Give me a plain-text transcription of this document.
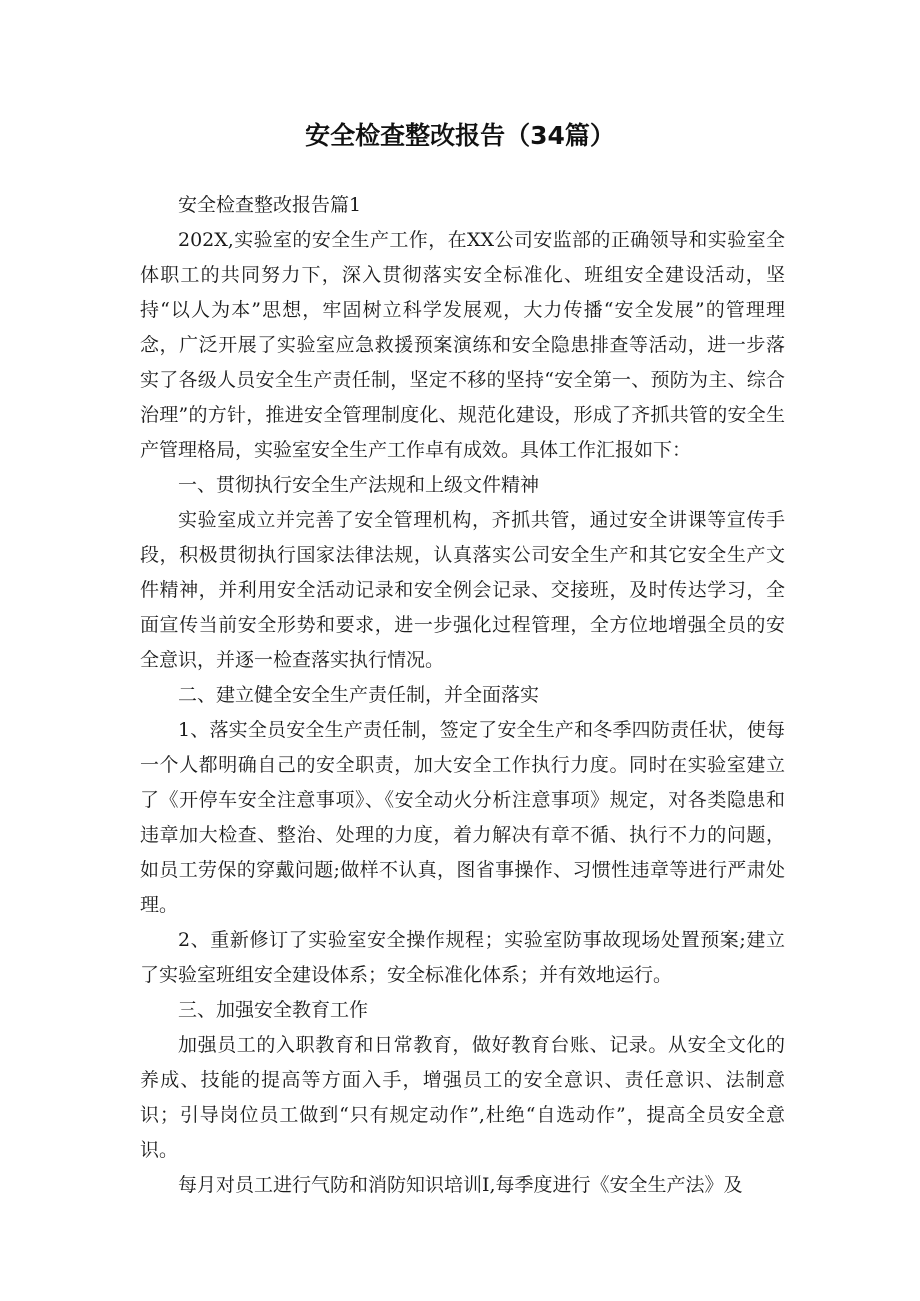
安全检查整改报告（34篇）

安全检查整改报告篇1

202X,实验室的安全生产工作，在XX公司安监部的正确领导和实验室全体职工的共同努力下，深入贯彻落实安全标准化、班组安全建设活动，坚持“以人为本”思想，牢固树立科学发展观，大力传播“安全发展”的管理理念，广泛开展了实验室应急救援预案演练和安全隐患排查等活动，进一步落实了各级人员安全生产责任制，坚定不移的坚持“安全第一、预防为主、综合治理”的方针，推进安全管理制度化、规范化建设，形成了齐抓共管的安全生产管理格局，实验室安全生产工作卓有成效。具体工作汇报如下：

一、贯彻执行安全生产法规和上级文件精神

实验室成立并完善了安全管理机构，齐抓共管，通过安全讲课等宣传手段，积极贯彻执行国家法律法规，认真落实公司安全生产和其它安全生产文件精神，并利用安全活动记录和安全例会记录、交接班，及时传达学习，全面宣传当前安全形势和要求，进一步强化过程管理，全方位地增强全员的安全意识，并逐一检查落实执行情况。

二、建立健全安全生产责任制，并全面落实

1、落实全员安全生产责任制，签定了安全生产和冬季四防责任状，使每一个人都明确自己的安全职责，加大安全工作执行力度。同时在实验室建立了《开停车安全注意事项》、《安全动火分析注意事项》规定，对各类隐患和违章加大检查、整治、处理的力度，着力解决有章不循、执行不力的问题，如员工劳保的穿戴问题;做样不认真，图省事操作、习惯性违章等进行严肃处理。

2、重新修订了实验室安全操作规程；实验室防事故现场处置预案;建立了实验室班组安全建设体系；安全标准化体系；并有效地运行。

三、加强安全教育工作

加强员工的入职教育和日常教育，做好教育台账、记录。从安全文化的养成、技能的提高等方面入手，增强员工的安全意识、责任意识、法制意识；引导岗位员工做到“只有规定动作”,杜绝“自选动作”，提高全员安全意识。

每月对员工进行气防和消防知识培训I,每季度进行《安全生产法》及
